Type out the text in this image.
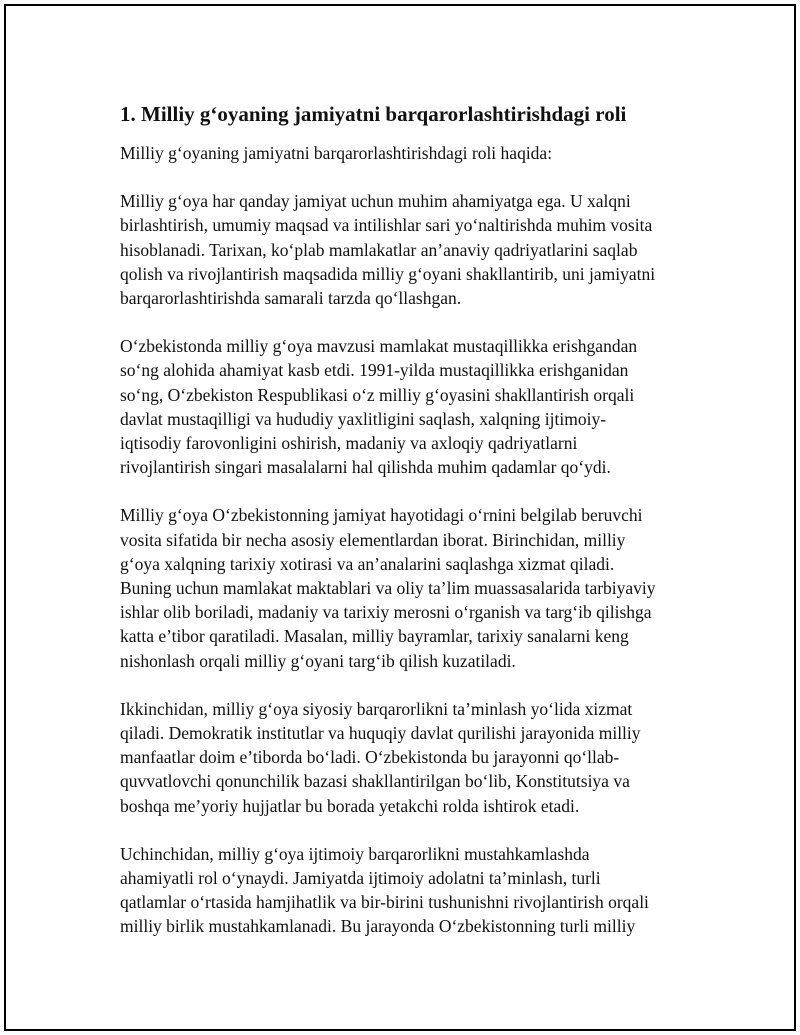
1. Milliy g‘oyaning jamiyatni barqarorlashtirishdagi roli

Milliy g‘oyaning jamiyatni barqarorlashtirishdagi roli haqida:

Milliy g‘oya har qanday jamiyat uchun muhim ahamiyatga ega. U xalqni
birlashtirish, umumiy maqsad va intilishlar sari yo‘naltirishda muhim vosita
hisoblanadi. Tarixan, ko‘plab mamlakatlar an’anaviy qadriyatlarini saqlab
qolish va rivojlantirish maqsadida milliy g‘oyani shakllantirib, uni jamiyatni
barqarorlashtirishda samarali tarzda qo‘llashgan.

O‘zbekistonda milliy g‘oya mavzusi mamlakat mustaqillikka erishgandan
so‘ng alohida ahamiyat kasb etdi. 1991-yilda mustaqillikka erishganidan
so‘ng, O‘zbekiston Respublikasi o‘z milliy g‘oyasini shakllantirish orqali
davlat mustaqilligi va hududiy yaxlitligini saqlash, xalqning ijtimoiy-
iqtisodiy farovonligini oshirish, madaniy va axloqiy qadriyatlarni
rivojlantirish singari masalalarni hal qilishda muhim qadamlar qo‘ydi.

Milliy g‘oya O‘zbekistonning jamiyat hayotidagi o‘rnini belgilab beruvchi
vosita sifatida bir necha asosiy elementlardan iborat. Birinchidan, milliy
g‘oya xalqning tarixiy xotirasi va an’analarini saqlashga xizmat qiladi.
Buning uchun mamlakat maktablari va oliy ta’lim muassasalarida tarbiyaviy
ishlar olib boriladi, madaniy va tarixiy merosni o‘rganish va targ‘ib qilishga
katta e’tibor qaratiladi. Masalan, milliy bayramlar, tarixiy sanalarni keng
nishonlash orqali milliy g‘oyani targ‘ib qilish kuzatiladi.

Ikkinchidan, milliy g‘oya siyosiy barqarorlikni ta’minlash yo‘lida xizmat
qiladi. Demokratik institutlar va huquqiy davlat qurilishi jarayonida milliy
manfaatlar doim e’tiborda bo‘ladi. O‘zbekistonda bu jarayonni qo‘llab-
quvvatlovchi qonunchilik bazasi shakllantirilgan bo‘lib, Konstitutsiya va
boshqa me’yoriy hujjatlar bu borada yetakchi rolda ishtirok etadi.

Uchinchidan, milliy g‘oya ijtimoiy barqarorlikni mustahkamlashda
ahamiyatli rol o‘ynaydi. Jamiyatda ijtimoiy adolatni ta’minlash, turli
qatlamlar o‘rtasida hamjihatlik va bir-birini tushunishni rivojlantirish orqali
milliy birlik mustahkamlanadi. Bu jarayonda O‘zbekistonning turli milliy
